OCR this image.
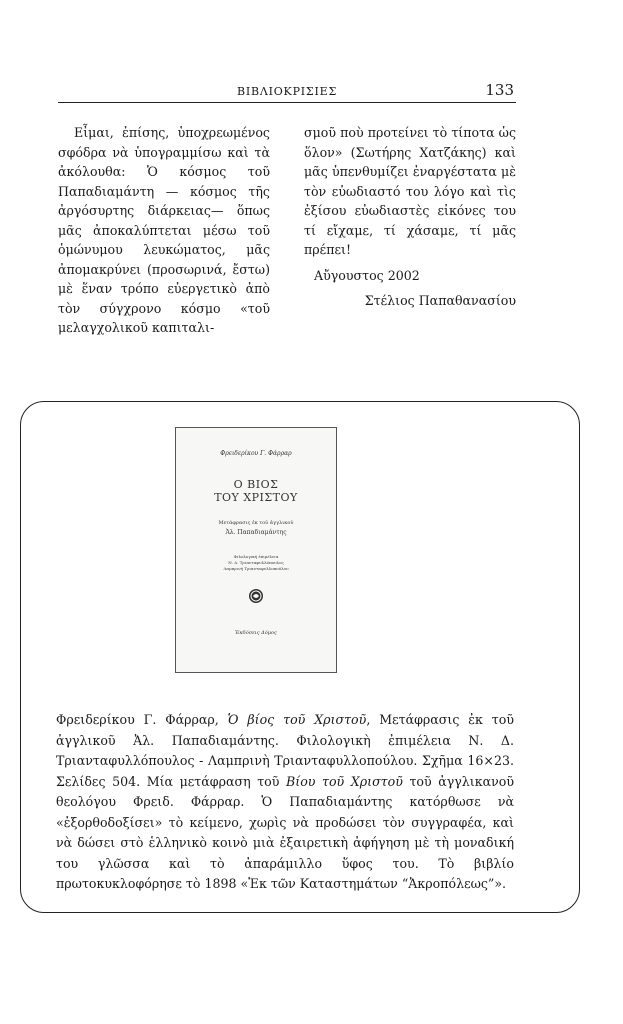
ΒΙΒΛΙΟΚΡΙΣΙΕΣ	133

Εἶμαι, ἐπίσης, ὑποχρεωμένος σφόδρα νὰ ὑπογραμμίσω καὶ τὰ ἀκόλουθα: Ὁ κόσμος τοῦ Παπαδιαμάντη — κόσμος τῆς ἀργόσυρτης διάρκειας— ὅπως μᾶς ἀποκαλύπτεται μέσω τοῦ ὁμώνυμου λευκώματος, μᾶς ἀπομακρύνει (προσωρινά, ἔστω) μὲ ἕναν τρόπο εὐεργετικὸ ἀπὸ τὸν σύγχρονο κόσμο «τοῦ μελαγχολικοῦ καπιταλι-

σμοῦ ποὺ προτείνει τὸ τίποτα ὡς ὅλον» (Σωτήρης Χατζάκης) καὶ μᾶς ὑπενθυμίζει ἐναργέστατα μὲ τὸν εὐωδιαστό του λόγο καὶ τὶς ἐξίσου εὐωδιαστὲς εἰκόνες του τί εἴχαμε, τί χάσαμε, τί μᾶς πρέπει!

Αὔγουστος 2002

Στέλιος Παπαθανασίου

Φρειδερίκου Γ. Φάρραρ
Ο ΒΙΟΣ
ΤΟΥ ΧΡΙΣΤΟΥ
Μετάφρασις ἐκ τοῦ ἀγγλικοῦ
Ἀλ. Παπαδιαμάντης
Φιλολογική ἐπιμέλεια
Ν. Δ. Τριανταφυλλόπουλος
Λαμπρινή Τριανταφυλλοπούλου
Ἐκδόσεις Δόμος

Φρειδερίκου Γ. Φάρραρ, Ὁ βίος τοῦ Χριστοῦ, Μετάφρασις ἐκ τοῦ ἀγγλικοῦ Ἀλ. Παπαδιαμάντης. Φιλολογικὴ ἐπιμέλεια Ν. Δ. Τριανταφυλλόπουλος - Λαμπρινὴ Τριανταφυλλοπούλου. Σχῆμα 16×23. Σελίδες 504. Μία μετάφραση τοῦ Βίου τοῦ Χριστοῦ τοῦ ἀγγλικανοῦ θεολόγου Φρειδ. Φάρραρ. Ὁ Παπαδιαμάντης κατόρθωσε νὰ «ἐξορθοδοξίσει» τὸ κείμενο, χωρὶς νὰ προδώσει τὸν συγγραφέα, καὶ νὰ δώσει στὸ ἑλληνικὸ κοινὸ μιὰ ἐξαιρετικὴ ἀφήγηση μὲ τὴ μοναδική του γλῶσσα καὶ τὸ ἀπαράμιλλο ὕφος του. Τὸ βιβλίο πρωτοκυκλοφόρησε τὸ 1898 «Ἐκ τῶν Καταστημάτων “Ἀκροπόλεως”».
